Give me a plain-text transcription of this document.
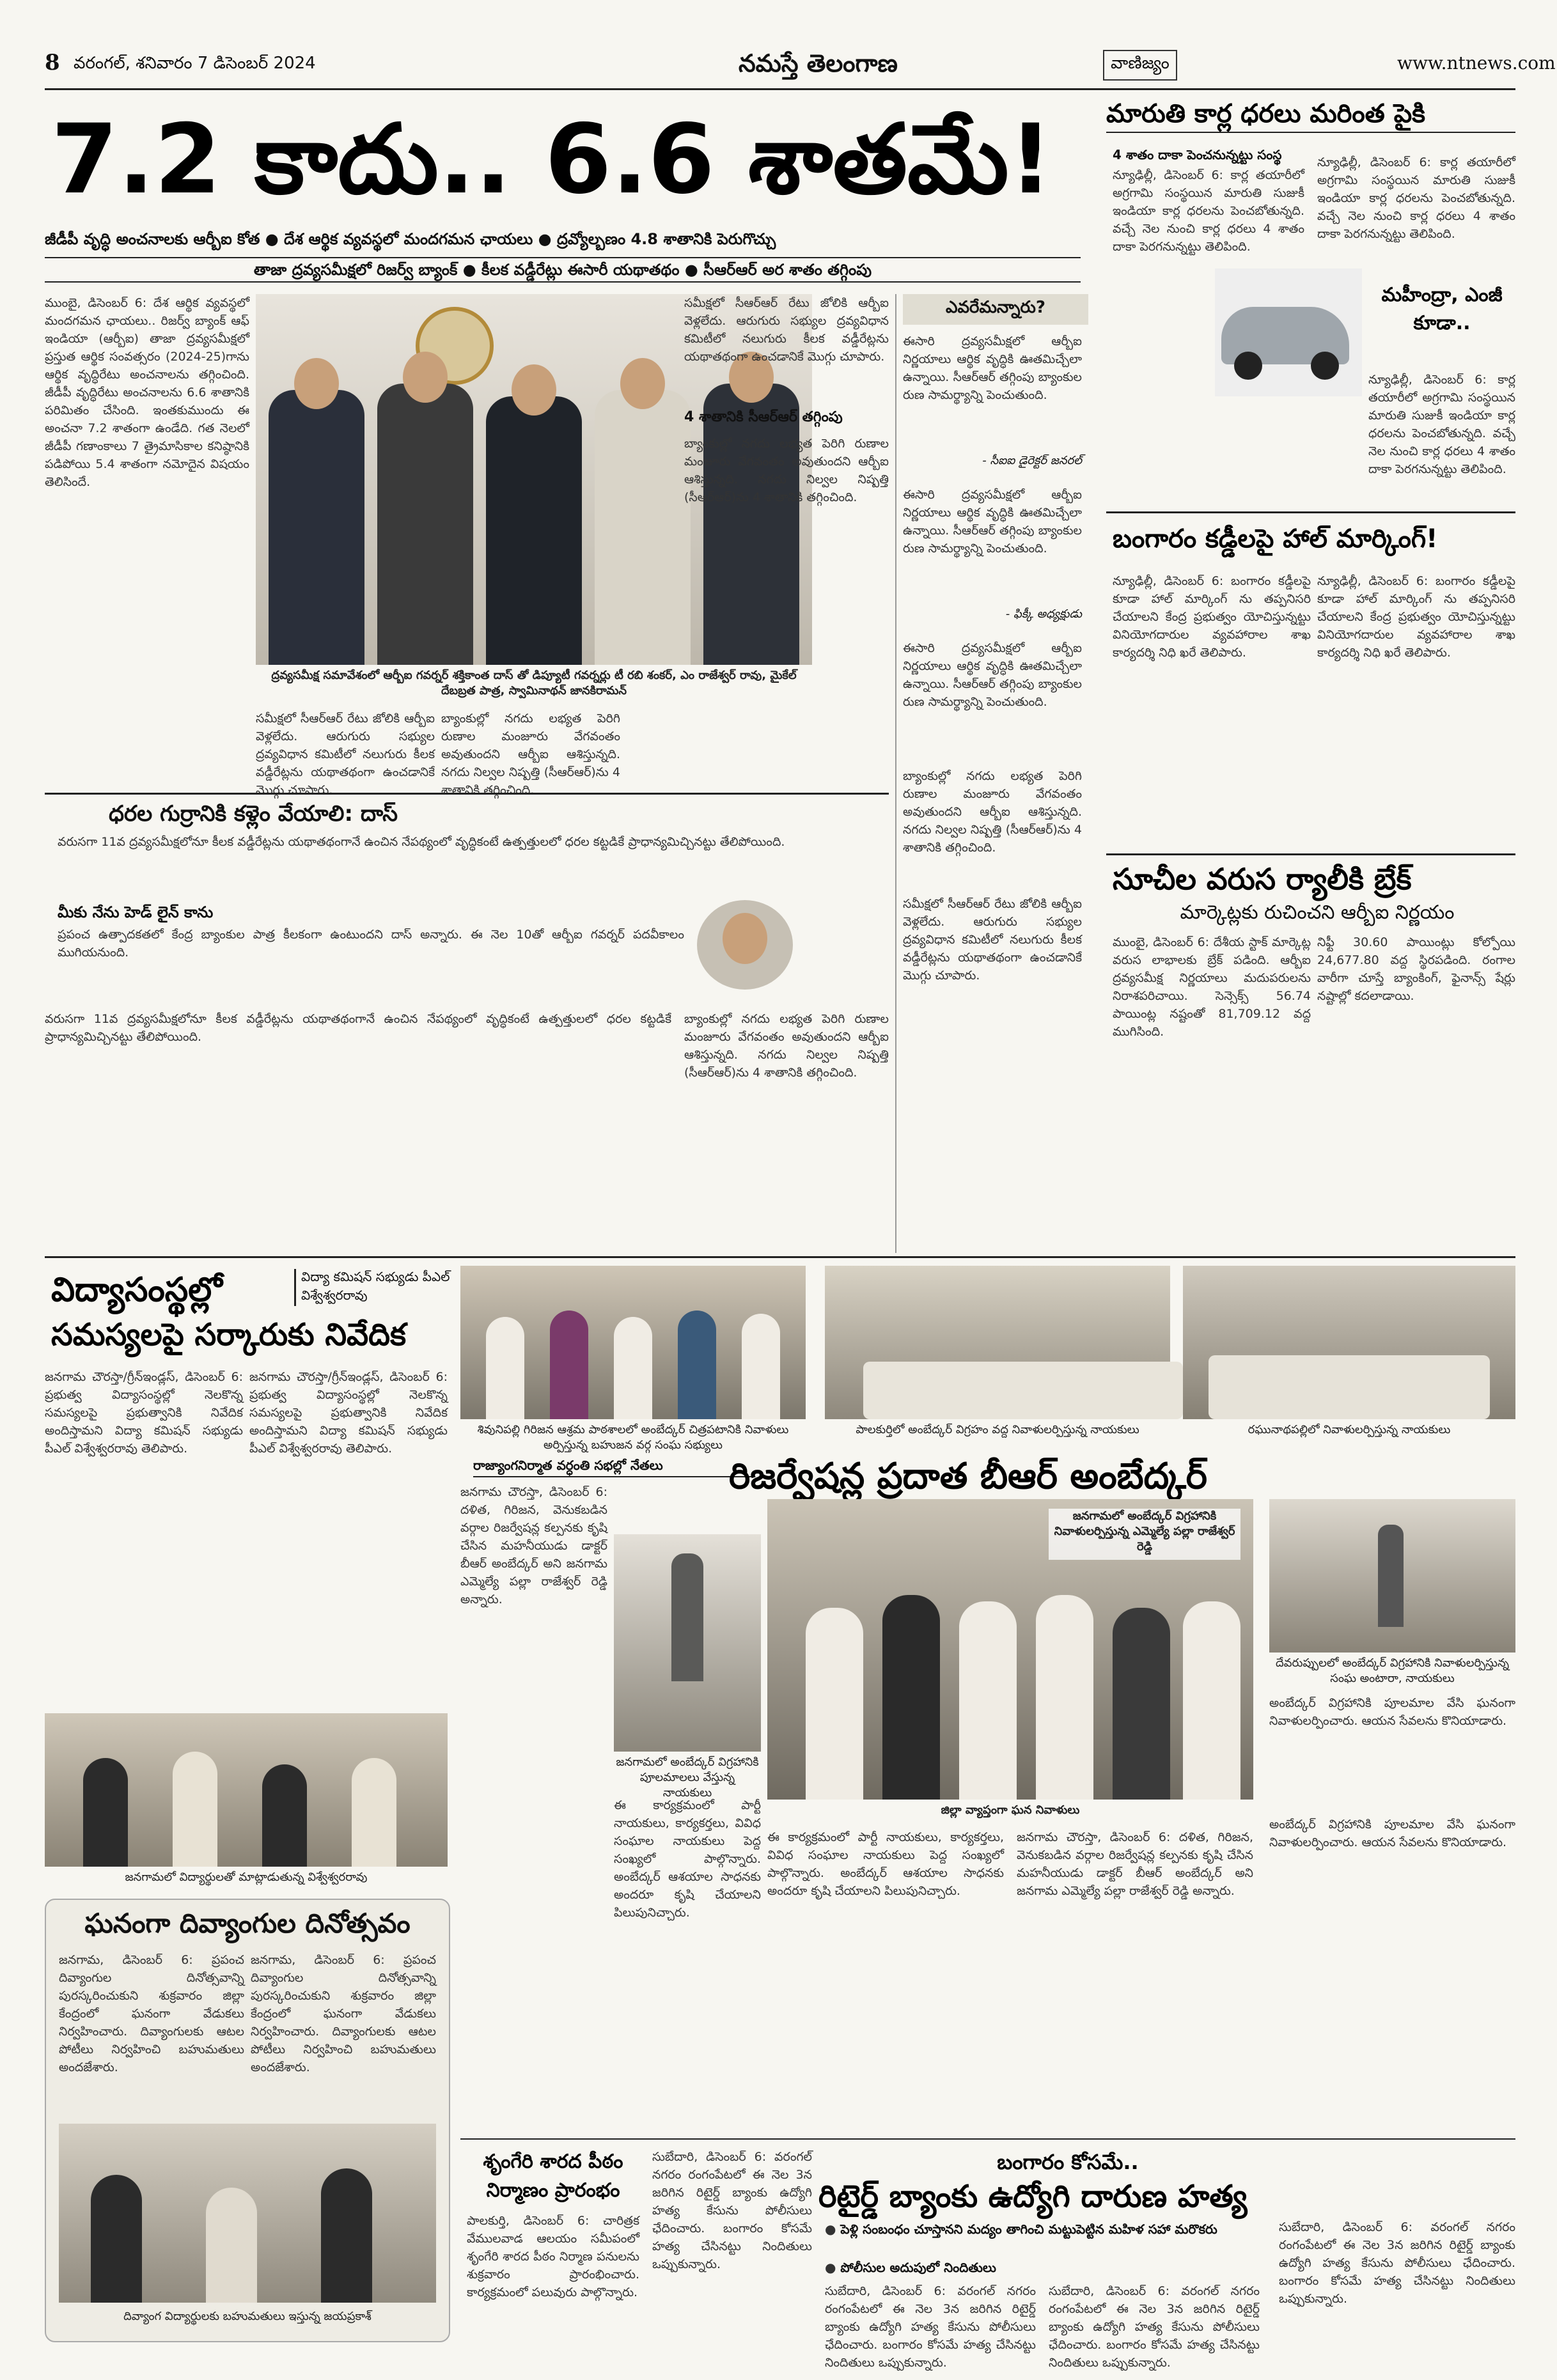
8 వరంగల్, శనివారం 7 డిసెంబర్ 2024	నమస్తే తెలంగాణ	వాణిజ్యం	www.ntnews.com
7.2 కాదు.. 6.6 శాతమే!
జీడీపీ వృద్ధి అంచనాలకు ఆర్బీఐ కోత ● దేశ ఆర్థిక వ్యవస్థలో మందగమన ఛాయలు ● ద్రవ్యోల్బణం 4.8 శాతానికి పెరుగొచ్చు
తాజా ద్రవ్యసమీక్షలో రిజర్వ్ బ్యాంక్ ● కీలక వడ్డీరేట్లు ఈసారీ యథాతథం ● సీఆర్ఆర్ అర శాతం తగ్గింపు
ముంబై, డిసెంబర్ 6: దేశ ఆర్థిక వ్యవస్థలో మందగమన ఛాయలు.. రిజర్వ్ బ్యాంక్ ఆఫ్ ఇండియా (ఆర్బీఐ) తాజా ద్రవ్యసమీక్షలో ప్రస్తుత ఆర్థిక సంవత్సరం (2024-25)గాను ఆర్థిక వృద్ధిరేటు అంచనాలను తగ్గించింది. జీడీపీ వృద్ధిరేటు అంచనాలను 6.6 శాతానికి పరిమితం చేసింది. ఇంతకుముందు ఈ అంచనా 7.2 శాతంగా ఉండేది. గత నెలలో జీడీపీ గణాంకాలు 7 త్రైమాసికాల కనిష్ఠానికి పడిపోయి 5.4 శాతంగా నమోదైన విషయం తెలిసిందే.
ద్రవ్యసమీక్ష సమావేశంలో ఆర్బీఐ గవర్నర్ శక్తికాంత దాస్ తో డిప్యూటీ గవర్నర్లు టీ రబి శంకర్, ఎం రాజేశ్వర్ రావు, మైకేల్ దేబబ్రత పాత్ర, స్వామినాథన్ జానకిరామన్
సమీక్షలో సీఆర్ఆర్ రేటు జోలికి ఆర్బీఐ వెళ్లలేదు. ఆరుగురు సభ్యుల ద్రవ్యవిధాన కమిటీలో నలుగురు కీలక వడ్డీరేట్లను యథాతథంగా ఉంచడానికే మొగ్గు చూపారు.
బ్యాంకుల్లో నగదు లభ్యత పెరిగి రుణాల మంజూరు వేగవంతం అవుతుందని ఆర్బీఐ ఆశిస్తున్నది. నగదు నిల్వల నిష్పత్తి (సీఆర్ఆర్)ను 4 శాతానికి తగ్గించింది.
4 శాతానికి సీఆర్ఆర్ తగ్గింపు
బ్యాంకుల్లో నగదు లభ్యత పెరిగి రుణాల మంజూరు వేగవంతం అవుతుందని ఆర్బీఐ ఆశిస్తున్నది. నగదు నిల్వల నిష్పత్తి (సీఆర్ఆర్)ను 4 శాతానికి తగ్గించింది.
సమీక్షలో సీఆర్ఆర్ రేటు జోలికి ఆర్బీఐ వెళ్లలేదు. ఆరుగురు సభ్యుల ద్రవ్యవిధాన కమిటీలో నలుగురు కీలక వడ్డీరేట్లను యథాతథంగా ఉంచడానికే మొగ్గు చూపారు.
ఎవరేమన్నారు?
ఈసారి ద్రవ్యసమీక్షలో ఆర్బీఐ నిర్ణయాలు ఆర్థిక వృద్ధికి ఊతమిచ్చేలా ఉన్నాయి. సీఆర్ఆర్ తగ్గింపు బ్యాంకుల రుణ సామర్థ్యాన్ని పెంచుతుంది.
- సీఐఐ డైరెక్టర్ జనరల్
ఈసారి ద్రవ్యసమీక్షలో ఆర్బీఐ నిర్ణయాలు ఆర్థిక వృద్ధికి ఊతమిచ్చేలా ఉన్నాయి. సీఆర్ఆర్ తగ్గింపు బ్యాంకుల రుణ సామర్థ్యాన్ని పెంచుతుంది.
- ఫిక్కీ అధ్యక్షుడు
ఈసారి ద్రవ్యసమీక్షలో ఆర్బీఐ నిర్ణయాలు ఆర్థిక వృద్ధికి ఊతమిచ్చేలా ఉన్నాయి. సీఆర్ఆర్ తగ్గింపు బ్యాంకుల రుణ సామర్థ్యాన్ని పెంచుతుంది.
బ్యాంకుల్లో నగదు లభ్యత పెరిగి రుణాల మంజూరు వేగవంతం అవుతుందని ఆర్బీఐ ఆశిస్తున్నది. నగదు నిల్వల నిష్పత్తి (సీఆర్ఆర్)ను 4 శాతానికి తగ్గించింది.
సమీక్షలో సీఆర్ఆర్ రేటు జోలికి ఆర్బీఐ వెళ్లలేదు. ఆరుగురు సభ్యుల ద్రవ్యవిధాన కమిటీలో నలుగురు కీలక వడ్డీరేట్లను యథాతథంగా ఉంచడానికే మొగ్గు చూపారు.
ధరల గుర్రానికి కళ్లెం వేయాలి: దాస్
వరుసగా 11వ ద్రవ్యసమీక్షలోనూ కీలక వడ్డీరేట్లను యథాతథంగానే ఉంచిన నేపథ్యంలో వృద్ధికంటే ఉత్పత్తులలో ధరల కట్టడికే ప్రాధాన్యమిచ్చినట్టు తేలిపోయింది.
మీకు నేను హెడ్ లైన్ కాను
ప్రపంచ ఉత్పాదకతలో కేంద్ర బ్యాంకుల పాత్ర కీలకంగా ఉంటుందని దాస్ అన్నారు. ఈ నెల 10తో ఆర్బీఐ గవర్నర్ పదవీకాలం ముగియనుంది.
మారుతి కార్ల ధరలు మరింత పైకి
4 శాతం దాకా పెంచనున్నట్టు సంస్థ
న్యూఢిల్లీ, డిసెంబర్ 6: కార్ల తయారీలో అగ్రగామి సంస్థయిన మారుతి సుజుకీ ఇండియా కార్ల ధరలను పెంచబోతున్నది. వచ్చే నెల నుంచి కార్ల ధరలు 4 శాతం దాకా పెరగనున్నట్టు తెలిపింది.
న్యూఢిల్లీ, డిసెంబర్ 6: కార్ల తయారీలో అగ్రగామి సంస్థయిన మారుతి సుజుకీ ఇండియా కార్ల ధరలను పెంచబోతున్నది. వచ్చే నెల నుంచి కార్ల ధరలు 4 శాతం దాకా పెరగనున్నట్టు తెలిపింది.
మహీంద్రా, ఎంజీ కూడా..
న్యూఢిల్లీ, డిసెంబర్ 6: కార్ల తయారీలో అగ్రగామి సంస్థయిన మారుతి సుజుకీ ఇండియా కార్ల ధరలను పెంచబోతున్నది. వచ్చే నెల నుంచి కార్ల ధరలు 4 శాతం దాకా పెరగనున్నట్టు తెలిపింది.
బంగారం కడ్డీలపై హాల్ మార్కింగ్!
న్యూఢిల్లీ, డిసెంబర్ 6: బంగారం కడ్డీలపై కూడా హాల్ మార్కింగ్ ను తప్పనిసరి చేయాలని కేంద్ర ప్రభుత్వం యోచిస్తున్నట్టు వినియోగదారుల వ్యవహారాల శాఖ కార్యదర్శి నిధి ఖరే తెలిపారు.
న్యూఢిల్లీ, డిసెంబర్ 6: బంగారం కడ్డీలపై కూడా హాల్ మార్కింగ్ ను తప్పనిసరి చేయాలని కేంద్ర ప్రభుత్వం యోచిస్తున్నట్టు వినియోగదారుల వ్యవహారాల శాఖ కార్యదర్శి నిధి ఖరే తెలిపారు.
సూచీల వరుస ర్యాలీకి బ్రేక్
మార్కెట్లకు రుచించని ఆర్బీఐ నిర్ణయం
ముంబై, డిసెంబర్ 6: దేశీయ స్టాక్ మార్కెట్ల వరుస లాభాలకు బ్రేక్ పడింది. ఆర్బీఐ ద్రవ్యసమీక్ష నిర్ణయాలు మదుపరులను నిరాశపరిచాయి. సెన్సెక్స్ 56.74 పాయింట్ల నష్టంతో 81,709.12 వద్ద ముగిసింది.
నిఫ్టీ 30.60 పాయింట్లు కోల్పోయి 24,677.80 వద్ద స్థిరపడింది. రంగాల వారీగా చూస్తే బ్యాంకింగ్, ఫైనాన్స్ షేర్లు నష్టాల్లో కదలాడాయి.
బ్యాంకుల్లో నగదు లభ్యత పెరిగి రుణాల మంజూరు వేగవంతం అవుతుందని ఆర్బీఐ ఆశిస్తున్నది. నగదు నిల్వల నిష్పత్తి (సీఆర్ఆర్)ను 4 శాతానికి తగ్గించింది.
వరుసగా 11వ ద్రవ్యసమీక్షలోనూ కీలక వడ్డీరేట్లను యథాతథంగానే ఉంచిన నేపథ్యంలో వృద్ధికంటే ఉత్పత్తులలో ధరల కట్టడికే ప్రాధాన్యమిచ్చినట్టు తేలిపోయింది.
విద్యాసంస్థల్లో
సమస్యలపై సర్కారుకు నివేదిక
విద్యా కమిషన్ సభ్యుడు పీఎల్ విశ్వేశ్వరరావు
జనగామ చౌరస్తా/గ్రీన్ఇండ్లస్, డిసెంబర్ 6: ప్రభుత్వ విద్యాసంస్థల్లో నెలకొన్న సమస్యలపై ప్రభుత్వానికి నివేదిక అందిస్తామని విద్యా కమిషన్ సభ్యుడు పీఎల్ విశ్వేశ్వరరావు తెలిపారు.
జనగామ చౌరస్తా/గ్రీన్ఇండ్లస్, డిసెంబర్ 6: ప్రభుత్వ విద్యాసంస్థల్లో నెలకొన్న సమస్యలపై ప్రభుత్వానికి నివేదిక అందిస్తామని విద్యా కమిషన్ సభ్యుడు పీఎల్ విశ్వేశ్వరరావు తెలిపారు.
జనగామలో విద్యార్థులతో మాట్లాడుతున్న విశ్వేశ్వరరావు
ఘనంగా దివ్యాంగుల దినోత్సవం
జనగామ, డిసెంబర్ 6: ప్రపంచ దివ్యాంగుల దినోత్సవాన్ని పురస్కరించుకుని శుక్రవారం జిల్లా కేంద్రంలో ఘనంగా వేడుకలు నిర్వహించారు. దివ్యాంగులకు ఆటల పోటీలు నిర్వహించి బహుమతులు అందజేశారు.
జనగామ, డిసెంబర్ 6: ప్రపంచ దివ్యాంగుల దినోత్సవాన్ని పురస్కరించుకుని శుక్రవారం జిల్లా కేంద్రంలో ఘనంగా వేడుకలు నిర్వహించారు. దివ్యాంగులకు ఆటల పోటీలు నిర్వహించి బహుమతులు అందజేశారు.
దివ్యాంగ విద్యార్థులకు బహుమతులు ఇస్తున్న జయప్రకాశ్
శివునిపల్లి గిరిజన ఆశ్రమ పాఠశాలలో అంబేద్కర్ చిత్రపటానికి నివాళులు అర్పిస్తున్న బహుజన వర్గ సంఘ సభ్యులు
పాలకుర్తిలో అంబేద్కర్ విగ్రహం వద్ద నివాళులర్పిస్తున్న నాయకులు	రఘునాథపల్లిలో నివాళులర్పిస్తున్న నాయకులు
రాజ్యాంగనిర్మాత వర్ధంతి సభల్లో నేతలు	రిజర్వేషన్ల ప్రదాత బీఆర్ అంబేద్కర్
జనగామ చౌరస్తా, డిసెంబర్ 6: దళిత, గిరిజన, వెనుకబడిన వర్గాల రిజర్వేషన్ల కల్పనకు కృషి చేసిన మహనీయుడు డాక్టర్ బీఆర్ అంబేద్కర్ అని జనగామ ఎమ్మెల్యే పల్లా రాజేశ్వర్ రెడ్డి అన్నారు.
జనగామలో అంబేద్కర్ విగ్రహానికి పూలమాలలు వేస్తున్న నాయకులు
ఈ కార్యక్రమంలో పార్టీ నాయకులు, కార్యకర్తలు, వివిధ సంఘాల నాయకులు పెద్ద సంఖ్యలో పాల్గొన్నారు. అంబేద్కర్ ఆశయాల సాధనకు అందరూ కృషి చేయాలని పిలుపునిచ్చారు.
జనగామలో అంబేద్కర్ విగ్రహానికి నివాళులర్పిస్తున్న ఎమ్మెల్యే పల్లా రాజేశ్వర్ రెడ్డి
జిల్లా వ్యాప్తంగా ఘన నివాళులు
దేవరుప్పులలో అంబేద్కర్ విగ్రహానికి నివాళులర్పిస్తున్న సంఘ అంటారా, నాయకులు
అంబేద్కర్ విగ్రహానికి పూలమాల వేసి ఘనంగా నివాళులర్పించారు. ఆయన సేవలను కొనియాడారు.
ఈ కార్యక్రమంలో పార్టీ నాయకులు, కార్యకర్తలు, వివిధ సంఘాల నాయకులు పెద్ద సంఖ్యలో పాల్గొన్నారు. అంబేద్కర్ ఆశయాల సాధనకు అందరూ కృషి చేయాలని పిలుపునిచ్చారు.
జనగామ చౌరస్తా, డిసెంబర్ 6: దళిత, గిరిజన, వెనుకబడిన వర్గాల రిజర్వేషన్ల కల్పనకు కృషి చేసిన మహనీయుడు డాక్టర్ బీఆర్ అంబేద్కర్ అని జనగామ ఎమ్మెల్యే పల్లా రాజేశ్వర్ రెడ్డి అన్నారు.
అంబేద్కర్ విగ్రహానికి పూలమాల వేసి ఘనంగా నివాళులర్పించారు. ఆయన సేవలను కొనియాడారు.
శృంగేరి శారద పీఠం
నిర్మాణం ప్రారంభం
పాలకుర్తి, డిసెంబర్ 6: చారిత్రక వేములవాడ ఆలయం సమీపంలో శృంగేరి శారద పీఠం నిర్మాణ పనులను శుక్రవారం ప్రారంభించారు. కార్యక్రమంలో పలువురు పాల్గొన్నారు.
సుబేదారి, డిసెంబర్ 6: వరంగల్ నగరం రంగంపేటలో ఈ నెల 3న జరిగిన రిటైర్డ్ బ్యాంకు ఉద్యోగి హత్య కేసును పోలీసులు ఛేదించారు. బంగారం కోసమే హత్య చేసినట్టు నిందితులు ఒప్పుకున్నారు.
బంగారం కోసమే..
రిటైర్డ్ బ్యాంకు ఉద్యోగి దారుణ హత్య
● పెళ్లి సంబంధం చూస్తానని మద్యం తాగించి మట్టుపెట్టిన మహిళ సహా మరొకరు
● పోలీసుల అదుపులో నిందితులు
సుబేదారి, డిసెంబర్ 6: వరంగల్ నగరం రంగంపేటలో ఈ నెల 3న జరిగిన రిటైర్డ్ బ్యాంకు ఉద్యోగి హత్య కేసును పోలీసులు ఛేదించారు. బంగారం కోసమే హత్య చేసినట్టు నిందితులు ఒప్పుకున్నారు.
సుబేదారి, డిసెంబర్ 6: వరంగల్ నగరం రంగంపేటలో ఈ నెల 3న జరిగిన రిటైర్డ్ బ్యాంకు ఉద్యోగి హత్య కేసును పోలీసులు ఛేదించారు. బంగారం కోసమే హత్య చేసినట్టు నిందితులు ఒప్పుకున్నారు.
సుబేదారి, డిసెంబర్ 6: వరంగల్ నగరం రంగంపేటలో ఈ నెల 3న జరిగిన రిటైర్డ్ బ్యాంకు ఉద్యోగి హత్య కేసును పోలీసులు ఛేదించారు. బంగారం కోసమే హత్య చేసినట్టు నిందితులు ఒప్పుకున్నారు.
